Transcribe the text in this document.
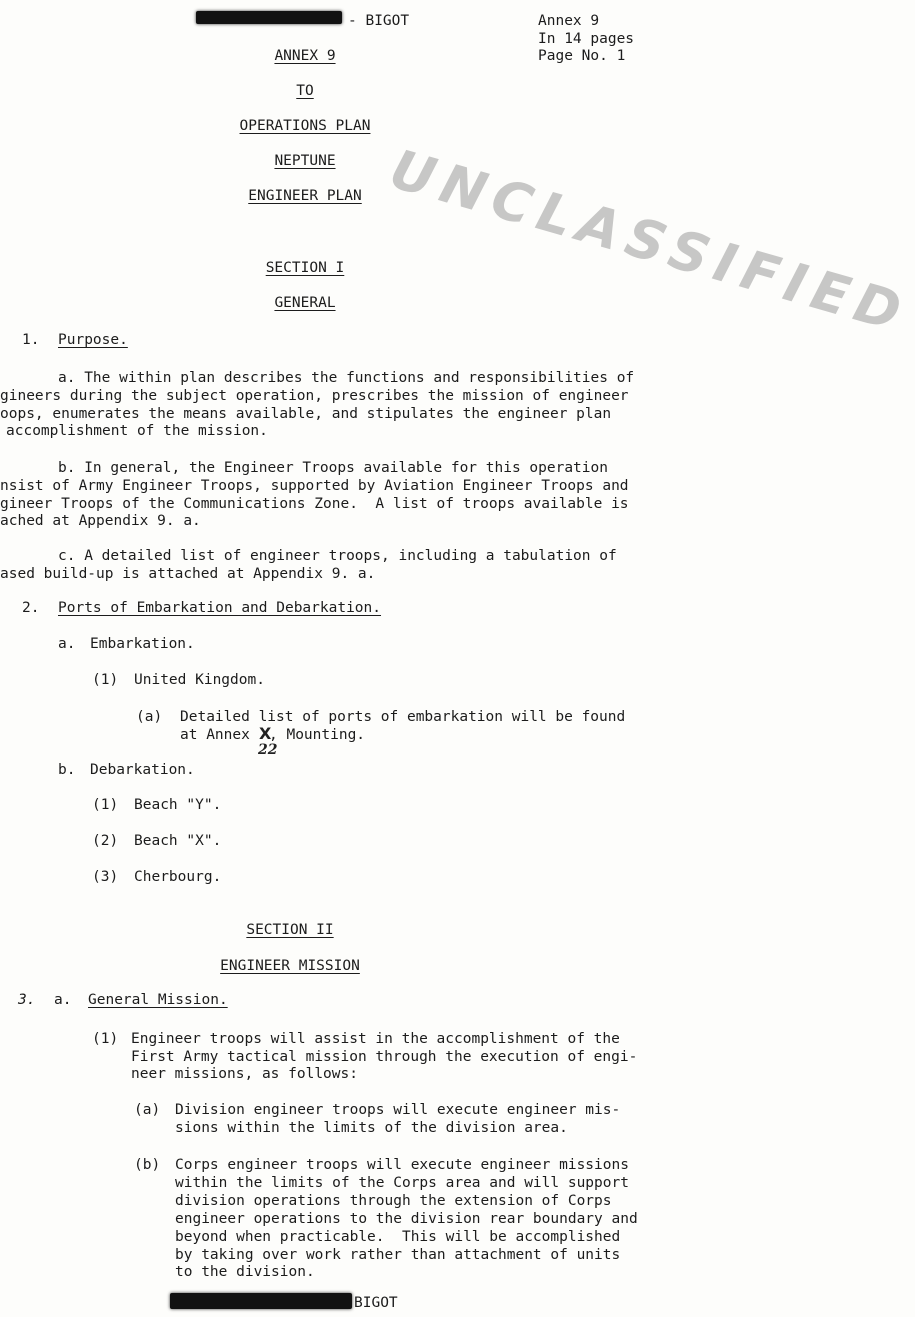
- BIGOT	Annex 9
In 14 pages
Page No. 1
UNCLASSIFIED
ANNEX 9
TO
OPERATIONS PLAN
NEPTUNE
ENGINEER PLAN
SECTION I
GENERAL
1. Purpose.
a. The within plan describes the functions and responsibilities of
gineers during the subject operation, prescribes the mission of engineer
oops, enumerates the means available, and stipulates the engineer plan
accomplishment of the mission.
b. In general, the Engineer Troops available for this operation
nsist of Army Engineer Troops, supported by Aviation Engineer Troops and
gineer Troops of the Communications Zone.  A list of troops available is
ached at Appendix 9. a.
c. A detailed list of engineer troops, including a tabulation of
ased build-up is attached at Appendix 9. a.
2. Ports of Embarkation and Debarkation.
a. Embarkation.
(1) United Kingdom.
(a) Detailed list of ports of embarkation will be found
at Annex X
, Mounting.
22
b. Debarkation.
(1) Beach "Y".
(2) Beach "X".
(3) Cherbourg.
SECTION II
ENGINEER MISSION
3. a. General Mission.
(1) Engineer troops will assist in the accomplishment of the
First Army tactical mission through the execution of engi-
neer missions, as follows:
(a) Division engineer troops will execute engineer mis-
sions within the limits of the division area.
(b) Corps engineer troops will execute engineer missions
within the limits of the Corps area and will support
division operations through the extension of Corps
engineer operations to the division rear boundary and
beyond when practicable.  This will be accomplished
by taking over work rather than attachment of units
to the division.
BIGOT
